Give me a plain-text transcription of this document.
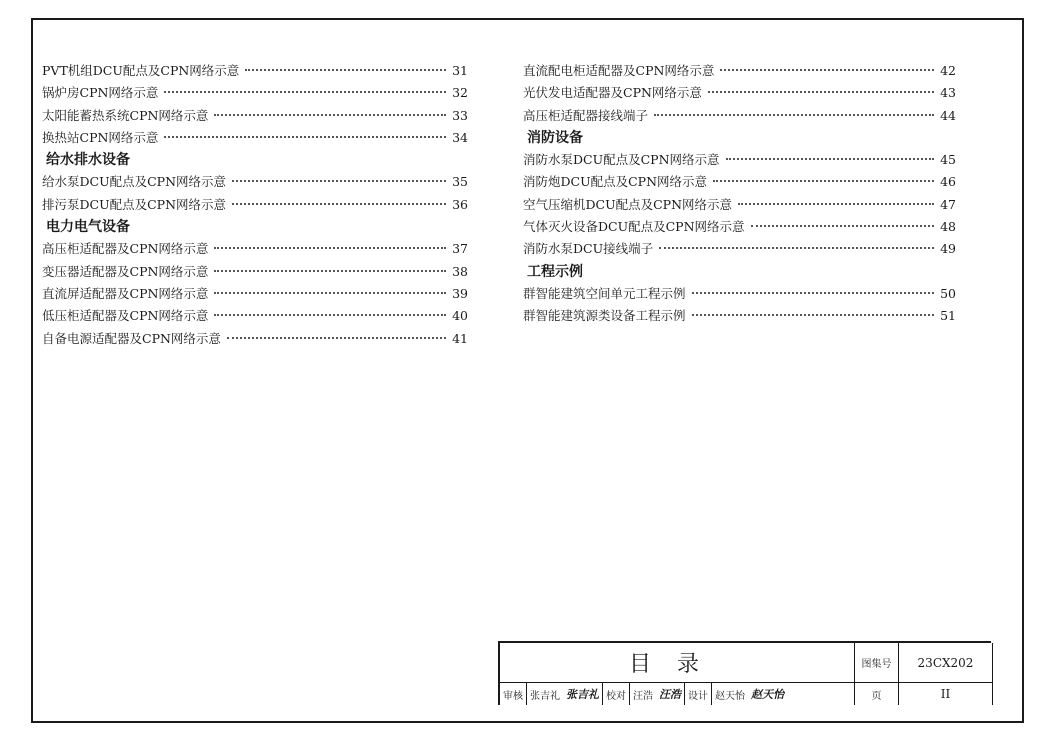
PVT机组DCU配点及CPN网络示意	31
锅炉房CPN网络示意	32
太阳能蓄热系统CPN网络示意	33
换热站CPN网络示意	34
给水排水设备
给水泵DCU配点及CPN网络示意	35
排污泵DCU配点及CPN网络示意	36
电力电气设备
高压柜适配器及CPN网络示意	37
变压器适配器及CPN网络示意	38
直流屏适配器及CPN网络示意	39
低压柜适配器及CPN网络示意	40
自备电源适配器及CPN网络示意	41
直流配电柜适配器及CPN网络示意	42
光伏发电适配器及CPN网络示意	43
高压柜适配器接线端子	44
消防设备
消防水泵DCU配点及CPN网络示意	45
消防炮DCU配点及CPN网络示意	46
空气压缩机DCU配点及CPN网络示意	47
气体灭火设备DCU配点及CPN网络示意	48
消防水泵DCU接线端子	49
工程示例
群智能建筑空间单元工程示例	50
群智能建筑源类设备工程示例	51
目录	图集号	23CX202
页	II
审核 张吉礼 张吉礼 校对 汪浩 汪浩 设计 赵天怡 赵天怡
